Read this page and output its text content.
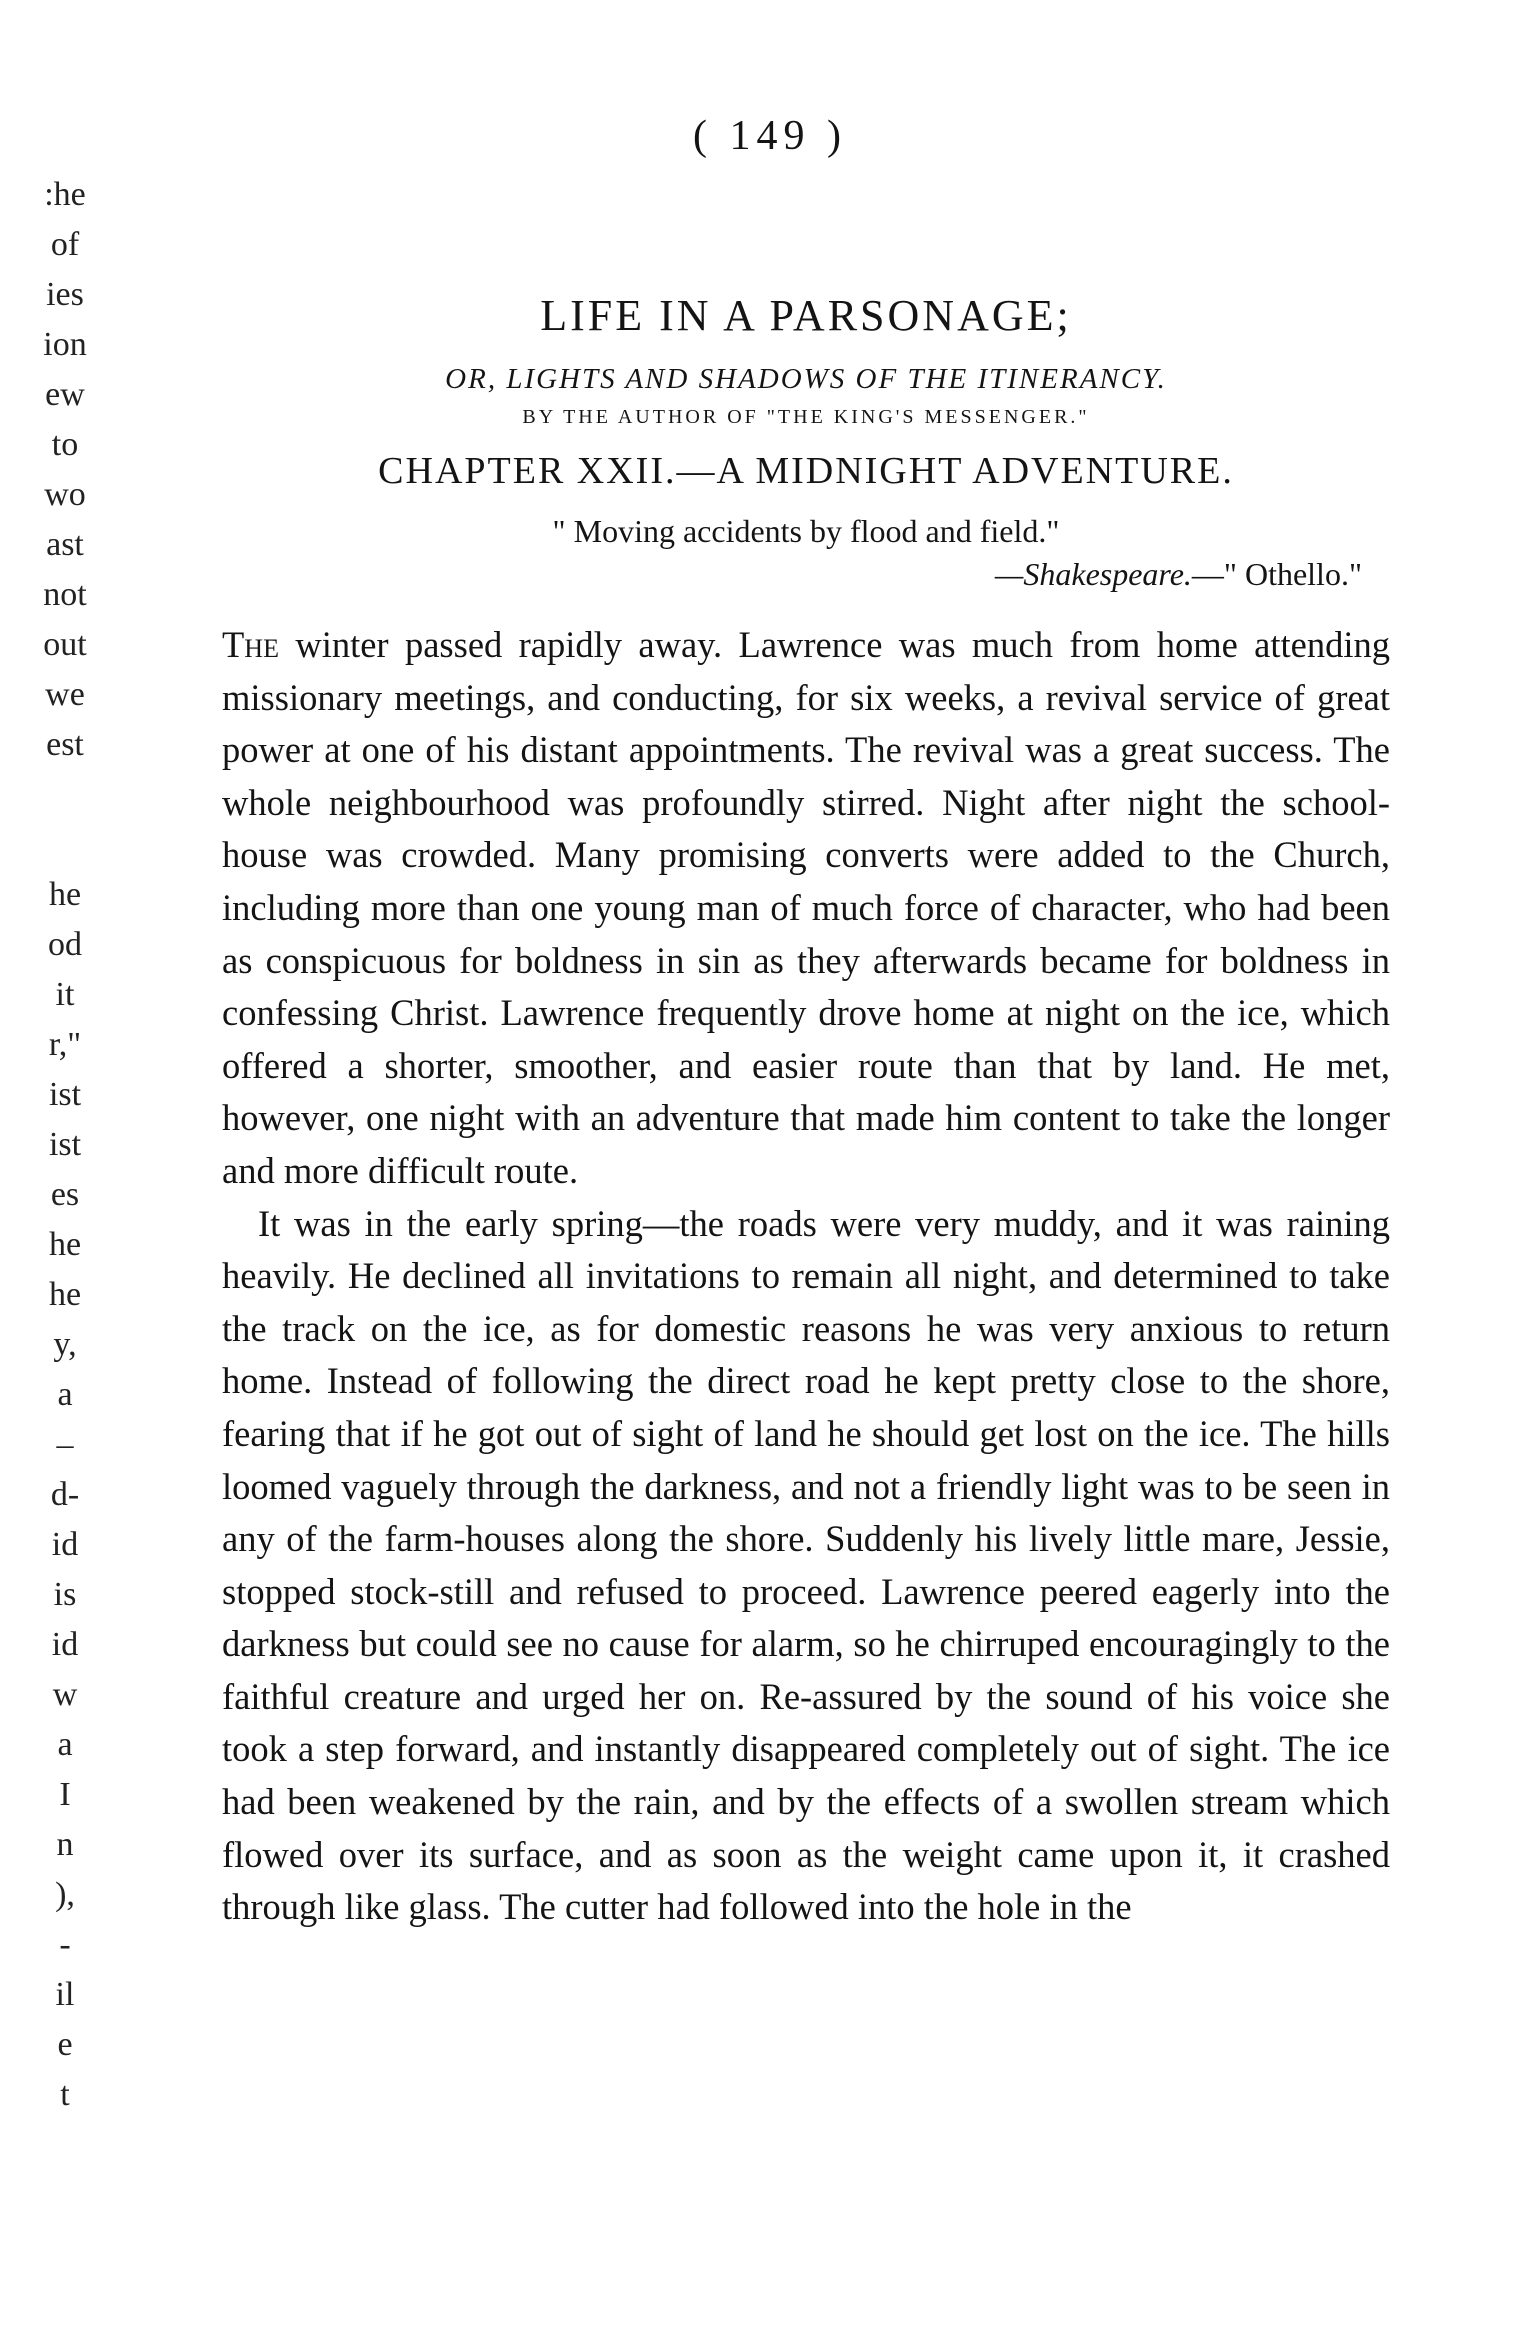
:he
of
ies
ion
ew
to
wo
ast
not
out
we
est
he
od
it
r,"
ist
ist
es
he
he
y,
a
–
d-
id
is
id
w
a
I
n
),
-
il
e
t
( 149 )
LIFE IN A PARSONAGE;
OR, LIGHTS AND SHADOWS OF THE ITINERANCY.
BY THE AUTHOR OF "THE KING'S MESSENGER."
CHAPTER XXII.—A MIDNIGHT ADVENTURE.
" Moving accidents by flood and field."
—Shakespeare.—" Othello."

The winter passed rapidly away. Lawrence was much from home attending missionary meetings, and conducting, for six weeks, a revival service of great power at one of his distant appointments. The revival was a great success. The whole neighbourhood was profoundly stirred. Night after night the school-house was crowded. Many promising converts were added to the Church, including more than one young man of much force of character, who had been as conspicuous for boldness in sin as they afterwards became for boldness in confessing Christ. Lawrence frequently drove home at night on the ice, which offered a shorter, smoother, and easier route than that by land. He met, however, one night with an adventure that made him content to take the longer and more difficult route.

It was in the early spring—the roads were very muddy, and it was raining heavily. He declined all invitations to remain all night, and determined to take the track on the ice, as for domestic reasons he was very anxious to return home. Instead of following the direct road he kept pretty close to the shore, fearing that if he got out of sight of land he should get lost on the ice. The hills loomed vaguely through the darkness, and not a friendly light was to be seen in any of the farm-houses along the shore. Suddenly his lively little mare, Jessie, stopped stock-still and refused to proceed. Lawrence peered eagerly into the darkness but could see no cause for alarm, so he chirruped encouragingly to the faithful creature and urged her on. Re-assured by the sound of his voice she took a step forward, and instantly disappeared completely out of sight. The ice had been weakened by the rain, and by the effects of a swollen stream which flowed over its surface, and as soon as the weight came upon it, it crashed through like glass. The cutter had followed into the hole in the
